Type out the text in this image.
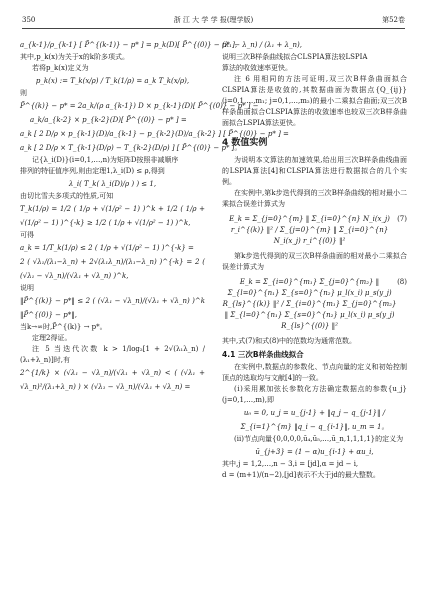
350	浙 江 大 学 学 报(理学版)	第52卷
a_{k-1}/ρ_{k-1} [ P̃^{(k-1)} − p* ] = p_k(D)[ P̃^{(0)} − p* ],
其中,p_k(x)为关于x的k阶多项式。
若将p_k(x)定义为
p_k(x) := T_k(x/ρ) / T_k(1/ρ) = a_k T_k(x/ρ),
则
P̃^{(k)} − p* = 2a_k/(ρ a_{k-1}) D × p_{k-1}(D)[ P̃^{(0)} − p* ] −
a_k/a_{k-2} × p_{k-2}(D)[ P̃^{(0)} − p* ] =
a_k [ 2 D/ρ × p_{k-1}(D)/a_{k-1} − p_{k-2}(D)/a_{k-2} ] [ P̃^{(0)} − p* ] =
a_k [ 2 D/ρ × T_{k-1}(D/ρ) − T_{k-2}(D/ρ) ] [ P̃^{(0)} − p* ]。
记{λ_i(D)}(i=0,1,…,n)为矩阵D按照非减顺序
排列的特征值序列,则由定理1,λ_i(D) ≤ ρ,得到
λ_i( T_k( λ_i(D)/ρ ) ) ≤ 1,
由切比雪夫多项式的性质,可知
T_k(1/ρ) = 1/2 ( 1/ρ + √(1/ρ² − 1) )^k + 1/2 ( 1/ρ + √(1/ρ² − 1) )^{-k} ≥ 1/2 ( 1/ρ + √(1/ρ² − 1) )^k,
可得
a_k = 1/T_k(1/ρ) ≤ 2 ( 1/ρ + √(1/ρ² − 1) )^{-k} =
2 ( √λ₁/(λ₁−λ_n) + 2√(λ₁λ_n)/(λ₁−λ_n) )^{-k} = 2 ( (√λ₁ − √λ_n)/(√λ₁ + √λ_n) )^k,
说明
‖P̃^{(k)} − p*‖ ≤ 2 ( (√λ₁ − √λ_n)/(√λ₁ + √λ_n) )^k ‖P̃^{(0)} − p*‖,
当k→∞时,P̃^{(k)} → p*。
定理2得证。
注 5 当迭代次数 k > 1/log₂[1 + 2√(λ₁λ_n) / (λ₁+λ_n)]时,有
2^{1/k} × (√λ₁ − √λ_n)/(√λ₁ + √λ_n) < ( (√λ₁ + √λ_n)²/(λ₁+λ_n) ) × (√λ₁ − √λ_n)/(√λ₁ + √λ_n) =
(λ₁ − λ_n) / (λ₁ + λ_n),
说明三次B样条曲线拟合CLSPIA算法较LSPIA
算法的收敛速率更快。
注 6 用相同的方法可证明,双三次B样条曲面拟合CLSPIA算法是收敛的,其数据曲面为数据点{Q_{ij}}(i=0,1,…,m₁; j=0,1,…,m₂)的最小二乘拟合曲面;双三次B样条曲面拟合CLSPIA算法的收敛速率也较双三次B样条曲面拟合LSPIA算法更快。
4 数值实例
为说明本文算法的加速效果,给出用三次B样条曲线曲面的LSPIA算法[4]和CLSPIA算法进行数据拟合的几个实例。
在实例中,第k步迭代得到的三次B样条曲线的相对最小二乘拟合误差计算式为
E_k = Σ_{j=0}^{m} ‖ Σ_{i=0}^{n} N_i(x_j) r_i^{(k)} ‖² / Σ_{j=0}^{m} ‖ Σ_{i=0}^{n} N_i(x_j) r_i^{(0)} ‖²
(7)
第k步迭代得到的双三次B样条曲面的相对最小二乘拟合误差计算式为
E_k = Σ_{i=0}^{m₁} Σ_{j=0}^{m₂} ‖ Σ_{l=0}^{n₁} Σ_{s=0}^{n₂} μ_l(x_i) μ_s(y_j) R_{ls}^{(k)} ‖² / Σ_{i=0}^{m₁} Σ_{j=0}^{m₂} ‖ Σ_{l=0}^{n₁} Σ_{s=0}^{n₂} μ_l(x_i) μ_s(y_j) R_{ls}^{(0)} ‖²
(8)
其中,式(7)和式(8)中的范数均为通常范数。
4.1 三次B样条曲线拟合
在实例中,数据点的参数化、节点向量的定义和初始控制顶点的选取均与文献[4]的一致。
(ⅰ)采用累加弦长参数化方法确定数据点的参数{u_j}(j=0,1,…,m),即
u₀ = 0, u_j = u_{j-1} + ‖q_j − q_{j-1}‖ / Σ_{i=1}^{m} ‖q_i − q_{i-1}‖, u_m = 1。
(ⅱ)节点向量{0,0,0,0,ū₄,ū₅,…,ū_n,1,1,1,1}的定义为
ū_{j+3} = (1 − α)u_{i-1} + αu_i,
其中,j = 1,2,…,n − 3,i = [jd],α = jd − i,
d = (m+1)/(n−2),[jd]表示不大于jd的最大整数。
